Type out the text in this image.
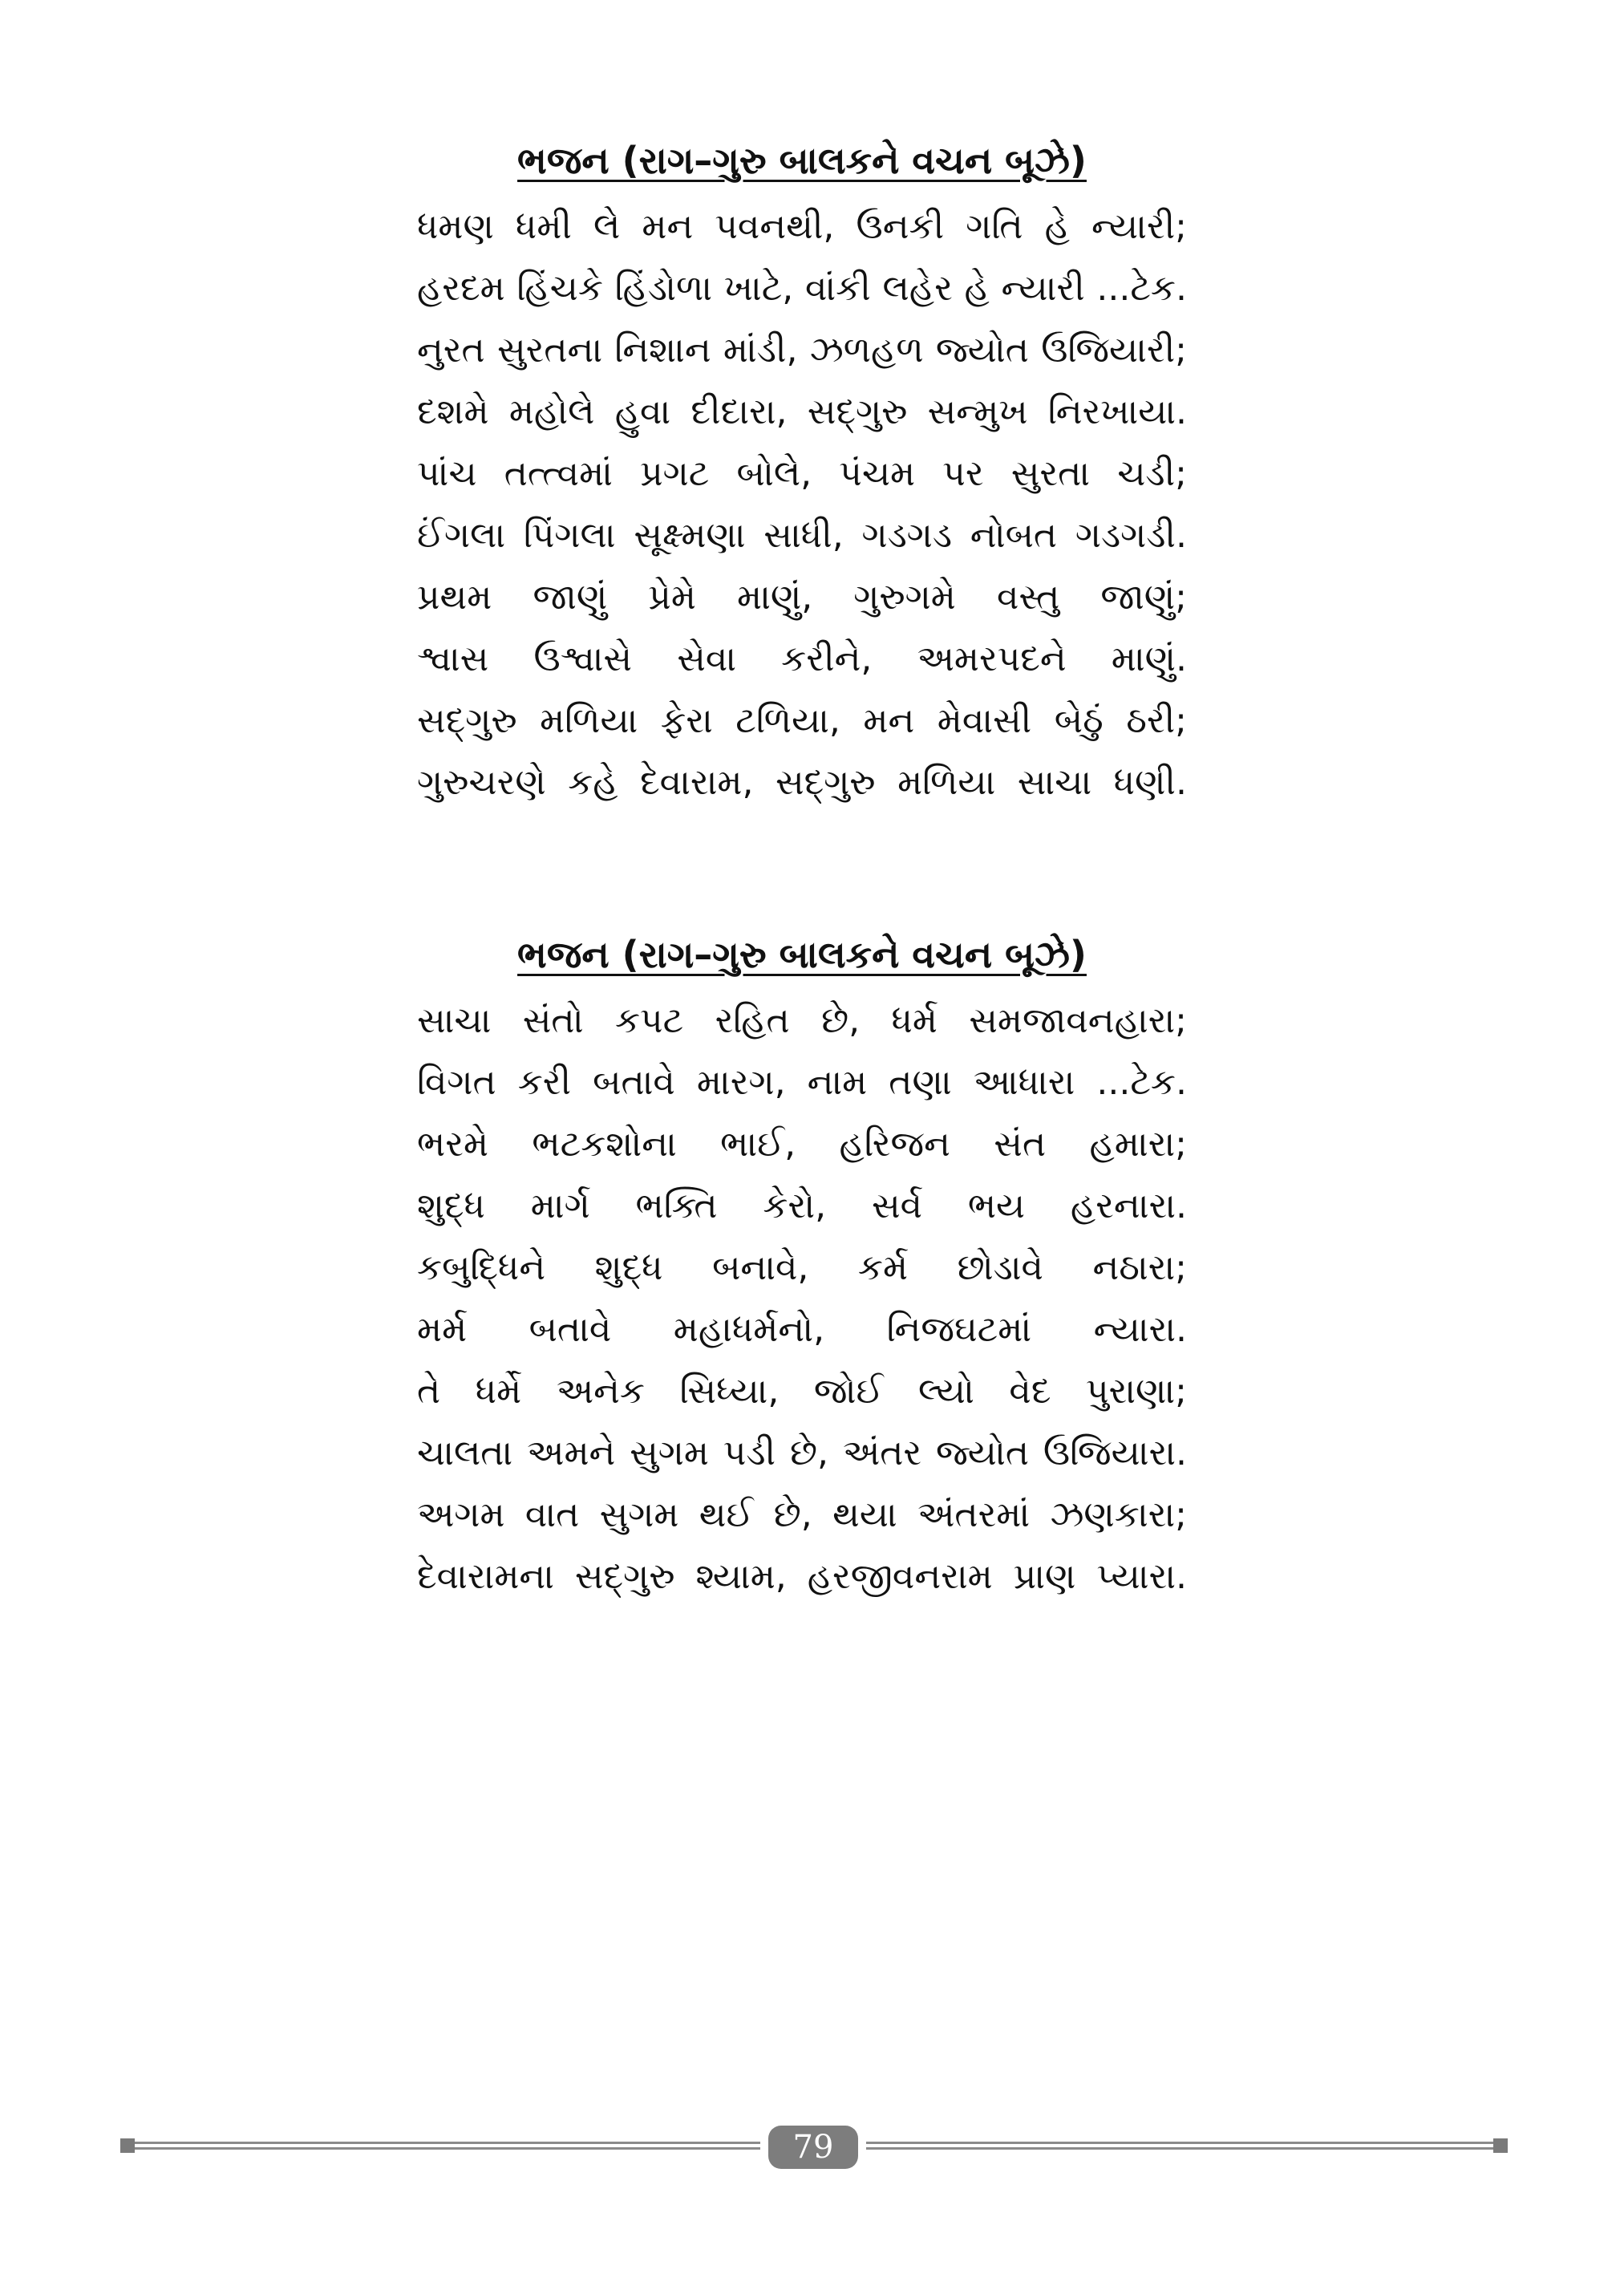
ભજન (રાગ–ગુરુ બાલકને વચન બૂઝે)

ધમણ ધમી લે મન પવનથી, ઉનકી ગતિ હે ન્યારી;

હરદમ હિંચકે હિંડોળા ખાટે, વાંકી લહેર હે ન્યારી ...ટેક.

નુરત સુરતના નિશાન માંડી, ઝળહળ જ્યોત ઉજિયારી;

દશમે મહોલે હુવા દીદારા, સદ્ગુરુ સન્મુખ નિરખાયા.

પાંચ તત્ત્વમાં પ્રગટ બોલે, પંચમ પર સુરતા ચડી;

ઈંગલા પિંગલા સૂક્ષ્મણા સાધી, ગડગડ નોબત ગડગડી.

પ્રથમ જાણું પ્રેમે માણું, ગુરુગમે વસ્તુ જાણું;

શ્વાસ ઉશ્વાસે સેવા કરીને, અમરપદને માણું.

સદ્ગુરુ મળિયા ફેરા ટળિયા, મન મેવાસી બેઠું ઠરી;

ગુરુચરણે કહે દેવારામ, સદ્ગુરુ મળિયા સાચા ધણી.

ભજન (રાગ–ગુરુ બાલકને વચન બૂઝે)

સાચા સંતો કપટ રહિત છે, ધર્મ સમજાવનહારા;

વિગત કરી બતાવે મારગ, નામ તણા આધારા ...ટેક.

ભરમે ભટકશોના ભાઈ, હરિજન સંત હમારા;

શુદ્ધ માર્ગ ભક્તિ કેરો, સર્વ ભય હરનારા.

કબુદ્ધિને શુદ્ધ બનાવે, કર્મ છોડાવે નઠારા;

મર્મ બતાવે મહાધર્મનો, નિજઘટમાં ન્યારા.

તે ધર્મે અનેક સિધ્યા, જોઈ લ્યો વેદ પુરાણા;

ચાલતા અમને સુગમ પડી છે, અંતર જ્યોત ઉજિયારા.

અગમ વાત સુગમ થઈ છે, થયા અંતરમાં ઝણકારા;

દેવારામના સદ્ગુરુ શ્યામ, હરજીવનરામ પ્રાણ પ્યારા.

79
